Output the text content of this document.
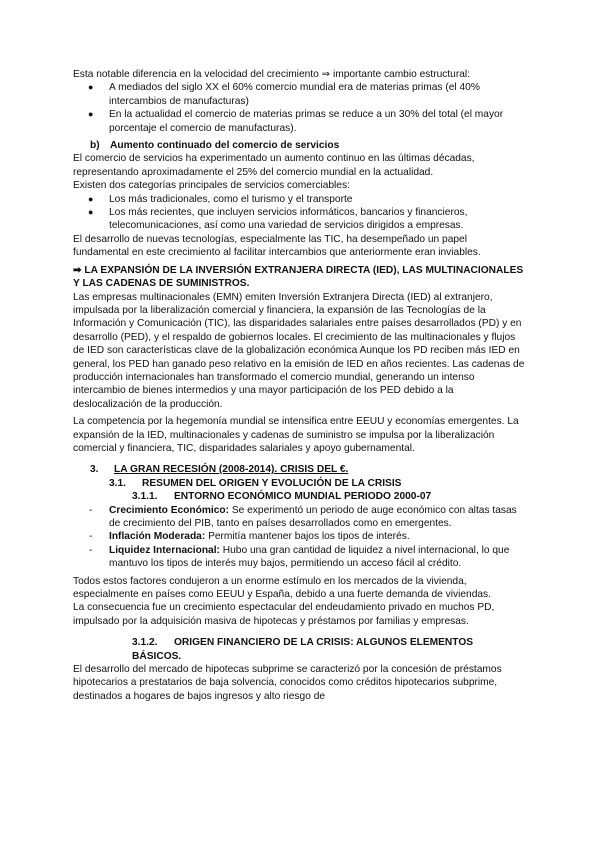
Esta notable diferencia en la velocidad del crecimiento ⇒ importante cambio estructural:

● A mediados del siglo XX el 60% comercio mundial era de materias primas (el 40% intercambios de manufacturas)
● En la actualidad el comercio de materias primas se reduce a un 30% del total (el mayor porcentaje el comercio de manufacturas).

b) Aumento continuado del comercio de servicios

El comercio de servicios ha experimentado un aumento continuo en las últimas décadas, representando aproximadamente el 25% del comercio mundial en la actualidad.

Existen dos categorías principales de servicios comerciables:

● Los más tradicionales, como el turismo y el transporte
● Los más recientes, que incluyen servicios informáticos, bancarios y financieros, telecomunicaciones, así como una variedad de servicios dirigidos a empresas.

El desarrollo de nuevas tecnologías, especialmente las TIC, ha desempeñado un papel fundamental en este crecimiento al facilitar intercambios que anteriormente eran inviables.

➡ LA EXPANSIÓN DE LA INVERSIÓN EXTRANJERA DIRECTA (IED), LAS MULTINACIONALES Y LAS CADENAS DE SUMINISTROS.

Las empresas multinacionales (EMN) emiten Inversión Extranjera Directa (IED) al extranjero, impulsada por la liberalización comercial y financiera, la expansión de las Tecnologías de la Información y Comunicación (TIC), las disparidades salariales entre países desarrollados (PD) y en desarrollo (PED), y el respaldo de gobiernos locales. El crecimiento de las multinacionales y flujos de IED son características clave de la globalización económica Aunque los PD reciben más IED en general, los PED han ganado peso relativo en la emisión de IED en años recientes. Las cadenas de producción internacionales han transformado el comercio mundial, generando un intenso intercambio de bienes intermedios y una mayor participación de los PED debido a la deslocalización de la producción.

La competencia por la hegemonía mundial se intensifica entre EEUU y economías emergentes. La expansión de la IED, multinacionales y cadenas de suministro se impulsa por la liberalización comercial y financiera, TIC, disparidades salariales y apoyo gubernamental.

3. LA GRAN RECESIÓN (2008-2014). CRISIS DEL €.

3.1. RESUMEN DEL ORIGEN Y EVOLUCIÓN DE LA CRISIS

3.1.1. ENTORNO ECONÓMICO MUNDIAL PERIODO 2000-07

- Crecimiento Económico: Se experimentó un periodo de auge económico con altas tasas de crecimiento del PIB, tanto en países desarrollados como en emergentes.
- Inflación Moderada: Permitía mantener bajos los tipos de interés.
- Liquidez Internacional: Hubo una gran cantidad de liquidez a nivel internacional, lo que mantuvo los tipos de interés muy bajos, permitiendo un acceso fácil al crédito.

Todos estos factores condujeron a un enorme estímulo en los mercados de la vivienda, especialmente en países como EEUU y España, debido a una fuerte demanda de viviendas.

La consecuencia fue un crecimiento espectacular del endeudamiento privado en muchos PD, impulsado por la adquisición masiva de hipotecas y préstamos por familias y empresas.

3.1.2. ORIGEN FINANCIERO DE LA CRISIS: ALGUNOS ELEMENTOS BÁSICOS.

El desarrollo del mercado de hipotecas subprime se caracterizó por la concesión de préstamos hipotecarios a prestatarios de baja solvencia, conocidos como créditos hipotecarios subprime, destinados a hogares de bajos ingresos y alto riesgo de
